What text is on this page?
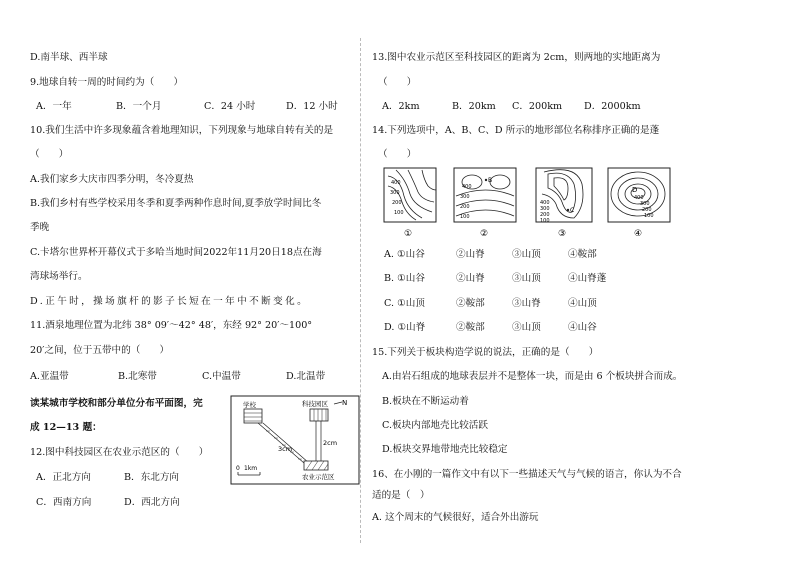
D.南半球、西半球
9.地球自转一周的时间约为（　　）
A．一年	B．一个月	C．24 小时	D．12 小时
10.我们生活中许多现象蕴含着地理知识，下列现象与地球自转有关的是
（　　）
A.我们家乡大庆市四季分明，冬冷夏热
B.我们乡村有些学校采用冬季和夏季两种作息时间,夏季放学时间比冬
季晚
C.卡塔尔世界杯开幕仪式于多哈当地时间2022年11月20日18点在海
湾球场举行。
D.正午时，操场旗杆的影子长短在一年中不断变化。
11.酒泉地理位置为北纬 38° 09′～42° 48′，东经 92° 20′～100°
20′之间，位于五带中的（　　）
A.亚温带	B.北寒带	C.中温带	D.北温带
读某城市学校和部分单位分布平面图，完
成 12—13 题：
12.图中科技园区在农业示范区的（　　）
A．正北方向	B．东北方向
C．西南方向	D．西北方向
学校	科技园区 N
3cm
2cm
农业示范区
0 1km
13.图中农业示范区至科技园区的距离为 2cm，则两地的实地距离为
（　　）
A．2km	B．20km C．200km D．2000km
14.下列选项中，A、B、C、D 所示的地形部位名称排序正确的是⁠蓬
（　　）
400
300
200
100
①
B
400
300
200
100
②
C
400
300
200
100
③
D
400
300
200
100
④
A. ①山谷	②山脊	③山顶	④鞍部
B. ①山谷	②山脊	③山顶	④山脊蓬
C. ①山顶	②鞍部	③山脊	④山顶
D. ①山脊	②鞍部	③山顶	④山谷
15.下列关于板块构造学说的说法，正确的是（　　）
A.由岩石组成的地球表层并不是整体一块，而是由 6 个板块拼合而成。
B.板块在不断运动着
C.板块内部地壳比较活跃
D.板块交界地带地壳比较稳定
16、在小刚的一篇作文中有以下一些描述天气与气候的语言，你认为不合
适的是（　）
A. 这个周末的气候很好，适合外出游玩
